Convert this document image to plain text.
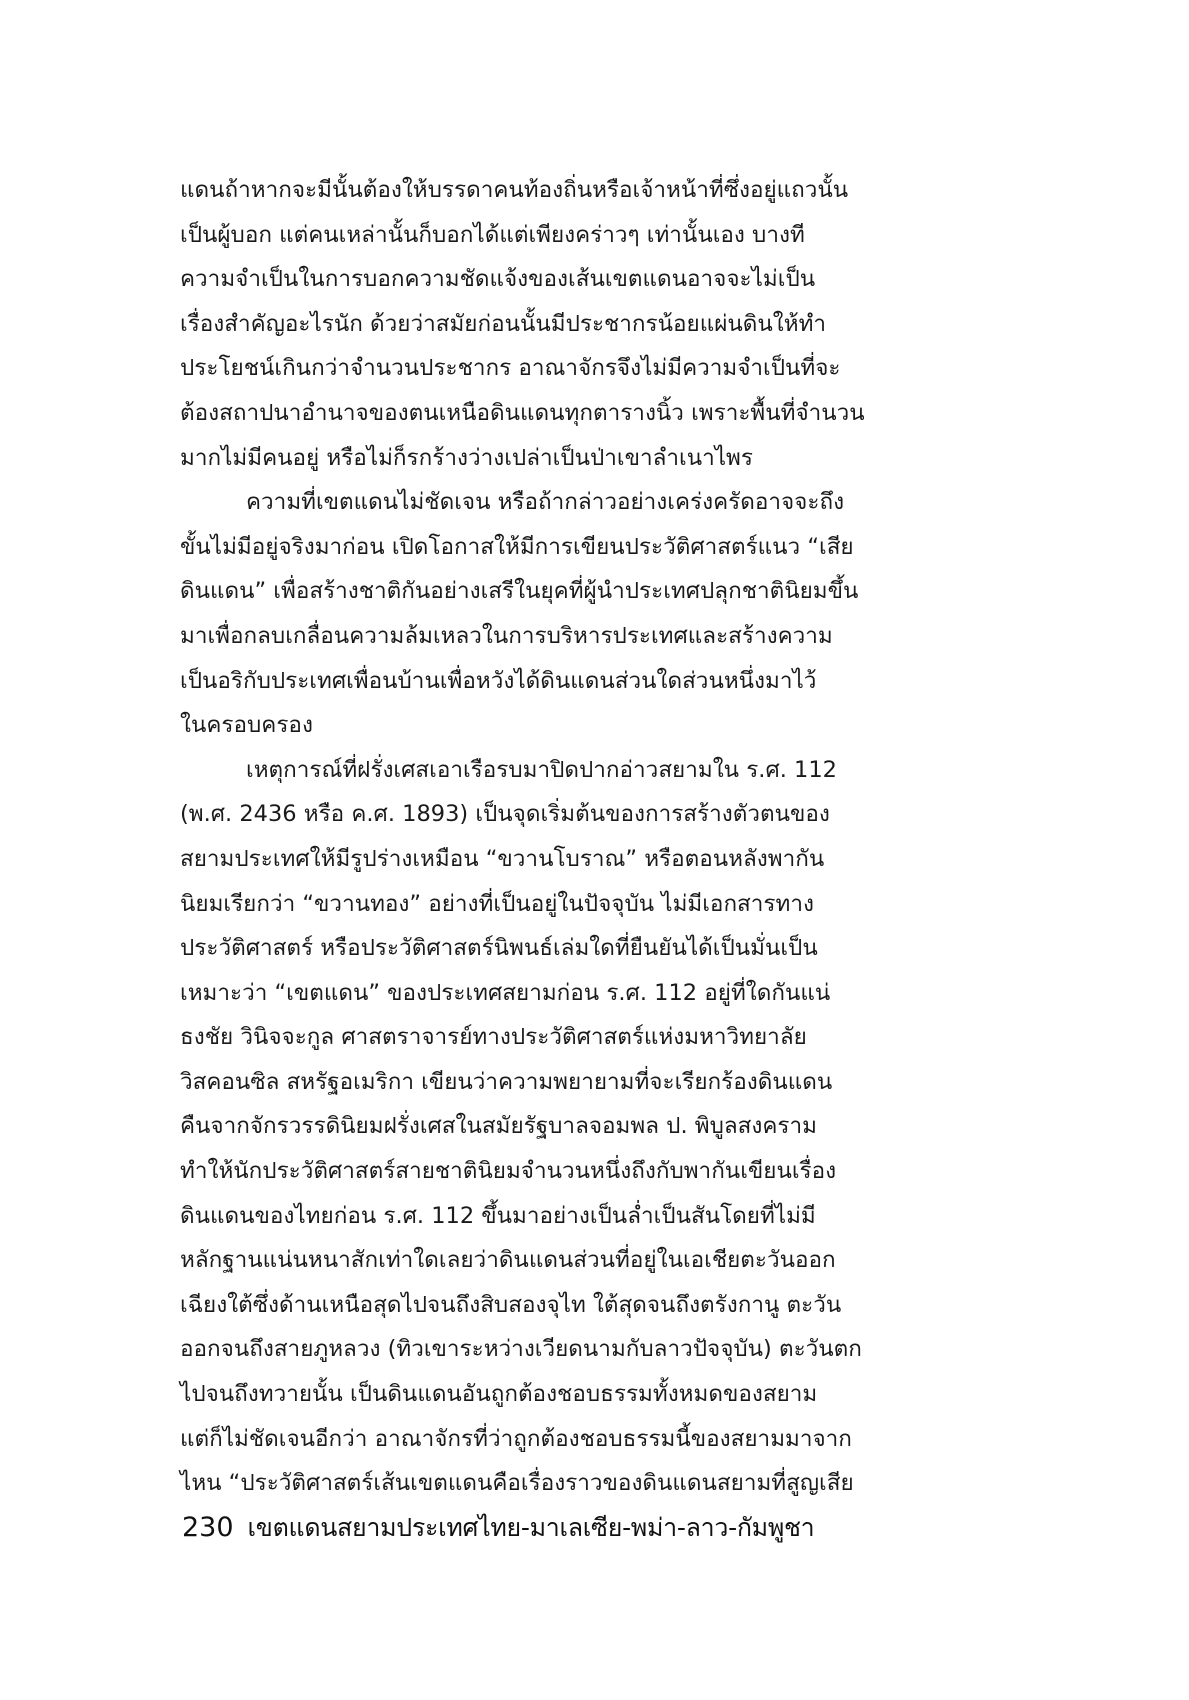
แดนถ้าหากจะมีนั้นต้องให้บรรดาคนท้องถิ่นหรือเจ้าหน้าที่ซึ่งอยู่แถวนั้น
เป็นผู้บอก แต่คนเหล่านั้นก็บอกได้แต่เพียงคร่าวๆ เท่านั้นเอง บางที
ความจำเป็นในการบอกความชัดแจ้งของเส้นเขตแดนอาจจะไม่เป็น
เรื่องสำคัญอะไรนัก ด้วยว่าสมัยก่อนนั้นมีประชากรน้อยแผ่นดินให้ทำ
ประโยชน์เกินกว่าจำนวนประชากร อาณาจักรจึงไม่มีความจำเป็นที่จะ
ต้องสถาปนาอำนาจของตนเหนือดินแดนทุกตารางนิ้ว เพราะพื้นที่จำนวน
มากไม่มีคนอยู่ หรือไม่ก็รกร้างว่างเปล่าเป็นป่าเขาลำเนาไพร
ความที่เขตแดนไม่ชัดเจน หรือถ้ากล่าวอย่างเคร่งครัดอาจจะถึง
ขั้นไม่มีอยู่จริงมาก่อน เปิดโอกาสให้มีการเขียนประวัติศาสตร์แนว “เสีย
ดินแดน” เพื่อสร้างชาติกันอย่างเสรีในยุคที่ผู้นำประเทศปลุกชาตินิยมขึ้น
มาเพื่อกลบเกลื่อนความล้มเหลวในการบริหารประเทศและสร้างความ
เป็นอริกับประเทศเพื่อนบ้านเพื่อหวังได้ดินแดนส่วนใดส่วนหนึ่งมาไว้
ในครอบครอง
เหตุการณ์ที่ฝรั่งเศสเอาเรือรบมาปิดปากอ่าวสยามใน ร.ศ. 112
(พ.ศ. 2436 หรือ ค.ศ. 1893) เป็นจุดเริ่มต้นของการสร้างตัวตนของ
สยามประเทศให้มีรูปร่างเหมือน “ขวานโบราณ” หรือตอนหลังพากัน
นิยมเรียกว่า “ขวานทอง” อย่างที่เป็นอยู่ในปัจจุบัน ไม่มีเอกสารทาง
ประวัติศาสตร์ หรือประวัติศาสตร์นิพนธ์เล่มใดที่ยืนยันได้เป็นมั่นเป็น
เหมาะว่า “เขตแดน” ของประเทศสยามก่อน ร.ศ. 112 อยู่ที่ใดกันแน่
ธงชัย วินิจจะกูล ศาสตราจารย์ทางประวัติศาสตร์แห่งมหาวิทยาลัย
วิสคอนซิล สหรัฐอเมริกา เขียนว่าความพยายามที่จะเรียกร้องดินแดน
คืนจากจักรวรรดินิยมฝรั่งเศสในสมัยรัฐบาลจอมพล ป. พิบูลสงคราม
ทำให้นักประวัติศาสตร์สายชาตินิยมจำนวนหนึ่งถึงกับพากันเขียนเรื่อง
ดินแดนของไทยก่อน ร.ศ. 112 ขึ้นมาอย่างเป็นล่ำเป็นสันโดยที่ไม่มี
หลักฐานแน่นหนาสักเท่าใดเลยว่าดินแดนส่วนที่อยู่ในเอเชียตะวันออก
เฉียงใต้ซึ่งด้านเหนือสุดไปจนถึงสิบสองจุไท ใต้สุดจนถึงตรังกานู ตะวัน
ออกจนถึงสายภูหลวง (ทิวเขาระหว่างเวียดนามกับลาวปัจจุบัน) ตะวันตก
ไปจนถึงทวายนั้น เป็นดินแดนอันถูกต้องชอบธรรมทั้งหมดของสยาม
แต่ก็ไม่ชัดเจนอีกว่า อาณาจักรที่ว่าถูกต้องชอบธรรมนี้ของสยามมาจาก
ไหน “ประวัติศาสตร์เส้นเขตแดนคือเรื่องราวของดินแดนสยามที่สูญเสีย
230 เขตแดนสยามประเทศไทย-มาเลเซีย-พม่า-ลาว-กัมพูชา
